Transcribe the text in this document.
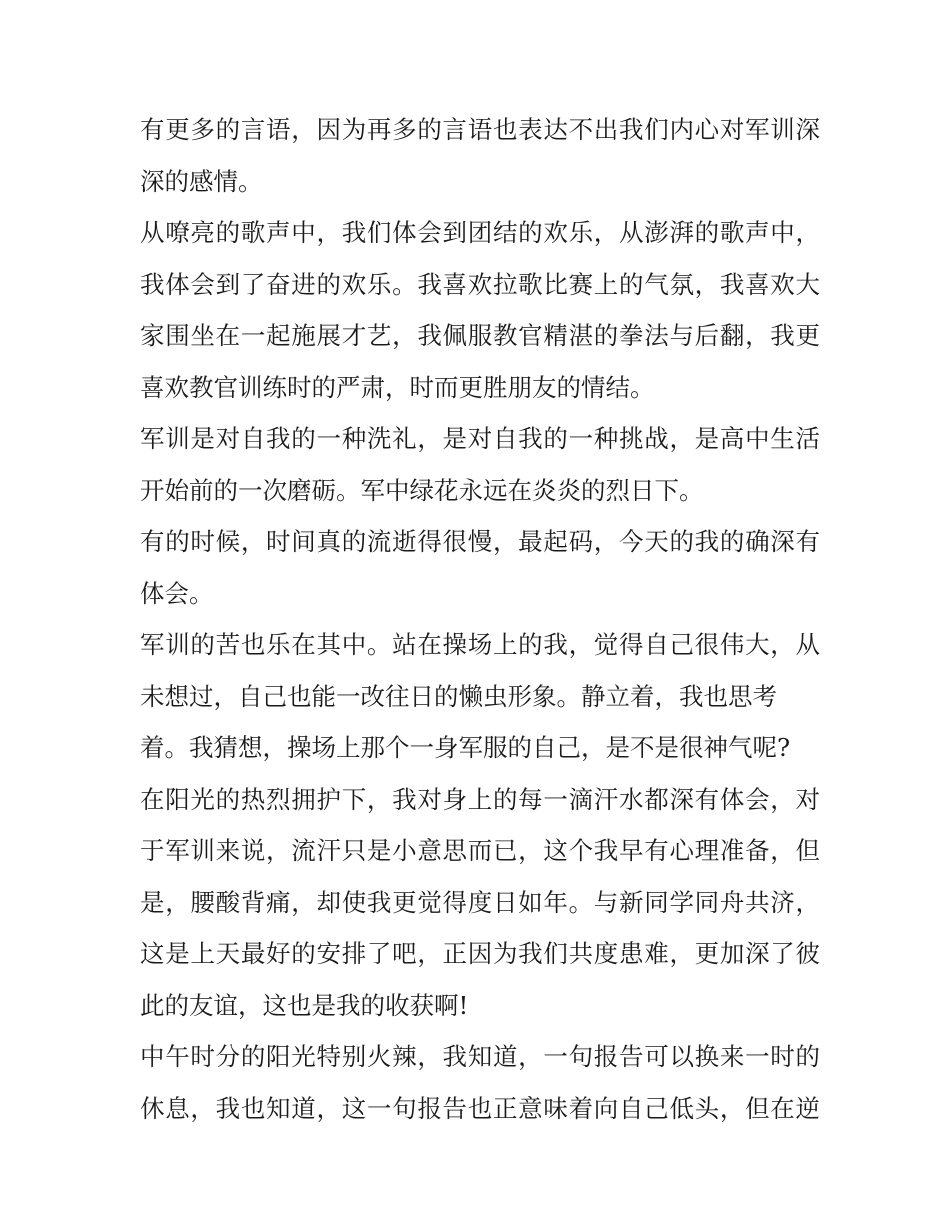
有更多的言语，因为再多的言语也表达不出我们内心对军训深
深的感情。
从嘹亮的歌声中，我们体会到团结的欢乐，从澎湃的歌声中，
我体会到了奋进的欢乐。我喜欢拉歌比赛上的气氛，我喜欢大
家围坐在一起施展才艺，我佩服教官精湛的拳法与后翻，我更
喜欢教官训练时的严肃，时而更胜朋友的情结。
军训是对自我的一种洗礼，是对自我的一种挑战，是高中生活
开始前的一次磨砺。军中绿花永远在炎炎的烈日下。
有的时候，时间真的流逝得很慢，最起码，今天的我的确深有
体会。
军训的苦也乐在其中。站在操场上的我，觉得自己很伟大，从
未想过，自己也能一改往日的懒虫形象。静立着，我也思考
着。我猜想，操场上那个一身军服的自己，是不是很神气呢?
在阳光的热烈拥护下，我对身上的每一滴汗水都深有体会，对
于军训来说，流汗只是小意思而已，这个我早有心理准备，但
是，腰酸背痛，却使我更觉得度日如年。与新同学同舟共济，
这是上天最好的安排了吧，正因为我们共度患难，更加深了彼
此的友谊，这也是我的收获啊!
中午时分的阳光特别火辣，我知道，一句报告可以换来一时的
休息，我也知道，这一句报告也正意味着向自己低头，但在逆
